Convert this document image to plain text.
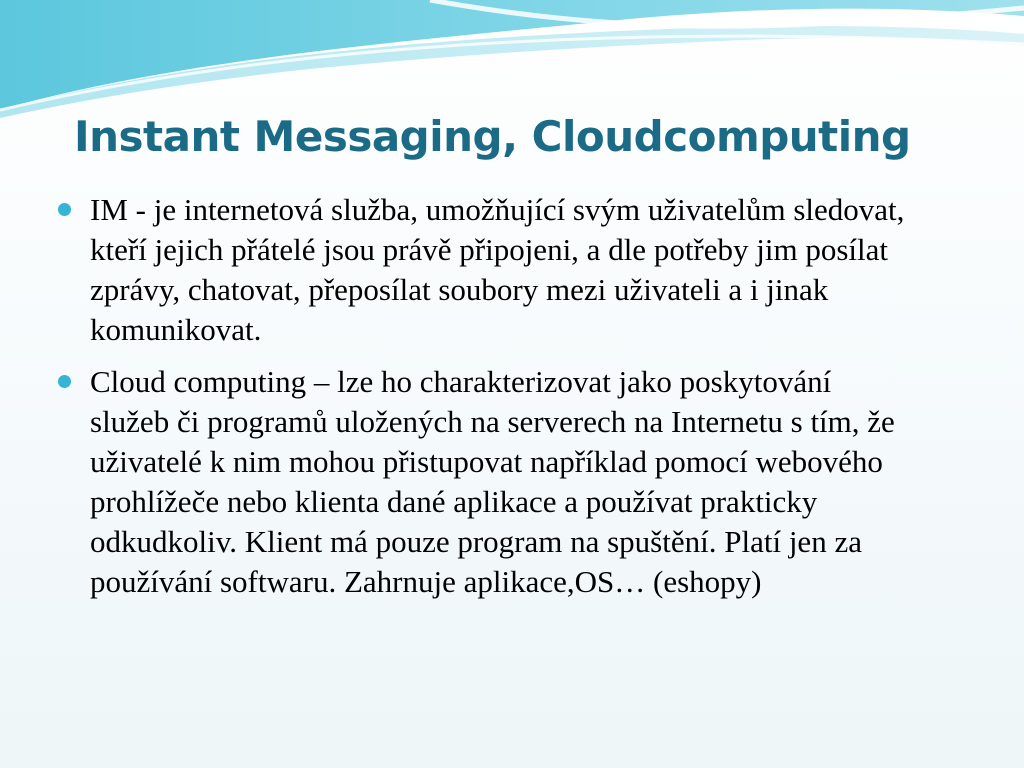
Instant Messaging, Cloudcomputing
IM - je internetová služba, umožňující svým uživatelům sledovat, kteří jejich přátelé jsou právě připojeni, a dle potřeby jim posílat zprávy, chatovat, přeposílat soubory mezi uživateli a i jinak komunikovat.
Cloud computing – lze ho charakterizovat jako poskytování služeb či programů uložených na serverech na Internetu s tím, že uživatelé k nim mohou přistupovat například pomocí webového prohlížeče nebo klienta dané aplikace a používat prakticky odkudkoliv. Klient má pouze program na spuštění. Platí jen za používání softwaru. Zahrnuje aplikace,OS… (eshopy)
